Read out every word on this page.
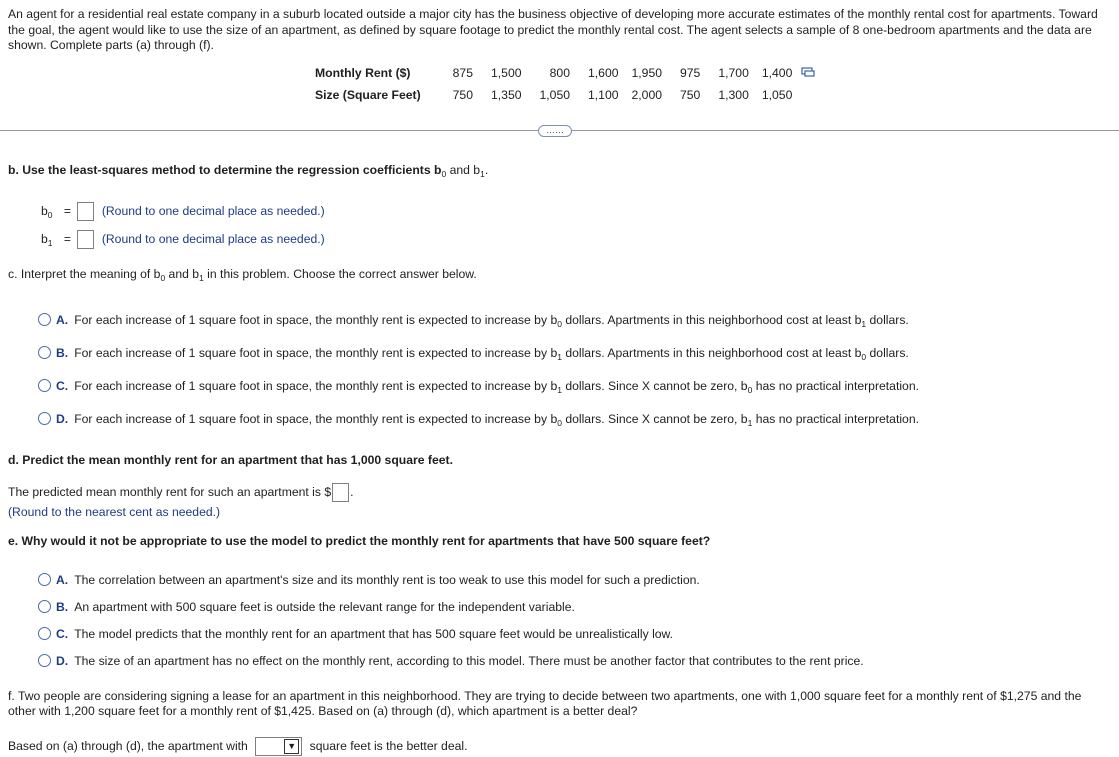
An agent for a residential real estate company in a suburb located outside a major city has the business objective of developing more accurate estimates of the monthly rental cost for apartments. Toward the goal, the agent would like to use the size of an apartment, as defined by square footage to predict the monthly rental cost. The agent selects a sample of 8 one-bedroom apartments and the data are shown. Complete parts (a) through (f).
Monthly Rent ($)	875	1,500	800	1,600	1,950	975	1,700	1,400
Size (Square Feet)	750	1,350	1,050	1,100	2,000	750	1,300	1,050
……
b. Use the least-squares method to determine the regression coefficients $b_0$ and $b_1$.
$b_0$ =	(Round to one decimal place as needed.)
$b_1$ =	(Round to one decimal place as needed.)
c. Interpret the meaning of $b_0$ and $b_1$ in this problem. Choose the correct answer below.
A. For each increase of 1 square foot in space, the monthly rent is expected to increase by $b_0$ dollars. Apartments in this neighborhood cost at least $b_1$ dollars.
B. For each increase of 1 square foot in space, the monthly rent is expected to increase by $b_1$ dollars. Apartments in this neighborhood cost at least $b_0$ dollars.
C. For each increase of 1 square foot in space, the monthly rent is expected to increase by $b_1$ dollars. Since X cannot be zero, $b_0$ has no practical interpretation.
D. For each increase of 1 square foot in space, the monthly rent is expected to increase by $b_0$ dollars. Since X cannot be zero, $b_1$ has no practical interpretation.
d. Predict the mean monthly rent for an apartment that has 1,000 square feet.
The predicted mean monthly rent for such an apartment is $ .
(Round to the nearest cent as needed.)
e. Why would it not be appropriate to use the model to predict the monthly rent for apartments that have 500 square feet?
A. The correlation between an apartment's size and its monthly rent is too weak to use this model for such a prediction.
B. An apartment with 500 square feet is outside the relevant range for the independent variable.
C. The model predicts that the monthly rent for an apartment that has 500 square feet would be unrealistically low.
D. The size of an apartment has no effect on the monthly rent, according to this model. There must be another factor that contributes to the rent price.
f. Two people are considering signing a lease for an apartment in this neighborhood. They are trying to decide between two apartments, one with 1,000 square feet for a monthly rent of $1,275 and the other with 1,200 square feet for a monthly rent of $1,425. Based on (a) through (d), which apartment is a better deal?
Based on (a) through (d), the apartment with	▼ square feet is the better deal.
